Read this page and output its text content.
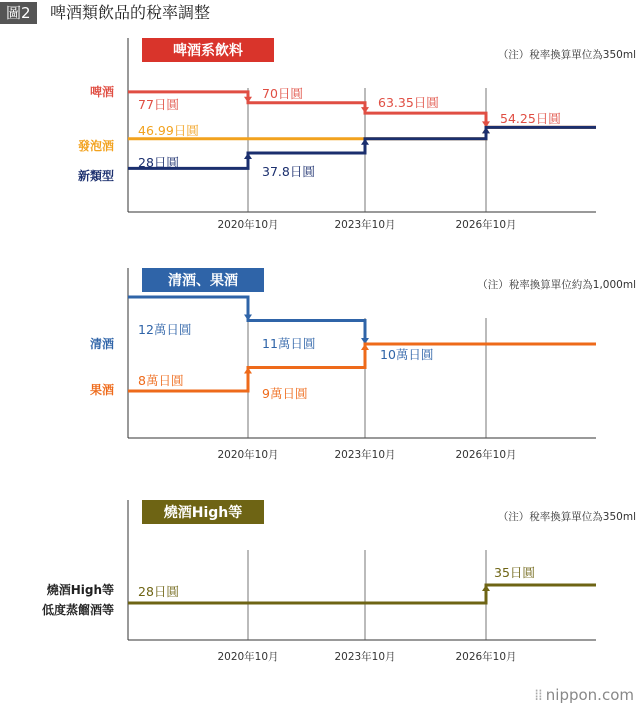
圖2	啤酒類飲品的稅率調整
啤酒系飲料	（注）稅率換算單位為350ml
2020年10月	2023年10月	2026年10月
啤酒
77日圓
70日圓
63.35日圓
54.25日圓
發泡酒
46.99日圓
新類型
28日圓
37.8日圓
清酒、果酒	（注）稅率換算單位約為1,000ml
2020年10月	2023年10月	2026年10月
清酒
12萬日圓
11萬日圓
10萬日圓
果酒
8萬日圓
9萬日圓
燒酒High等	（注）稅率換算單位為350ml
2020年10月	2023年10月	2026年10月
燒酒High等
低度蒸餾酒等
28日圓
35日圓
⁞⁞ nippon.com
